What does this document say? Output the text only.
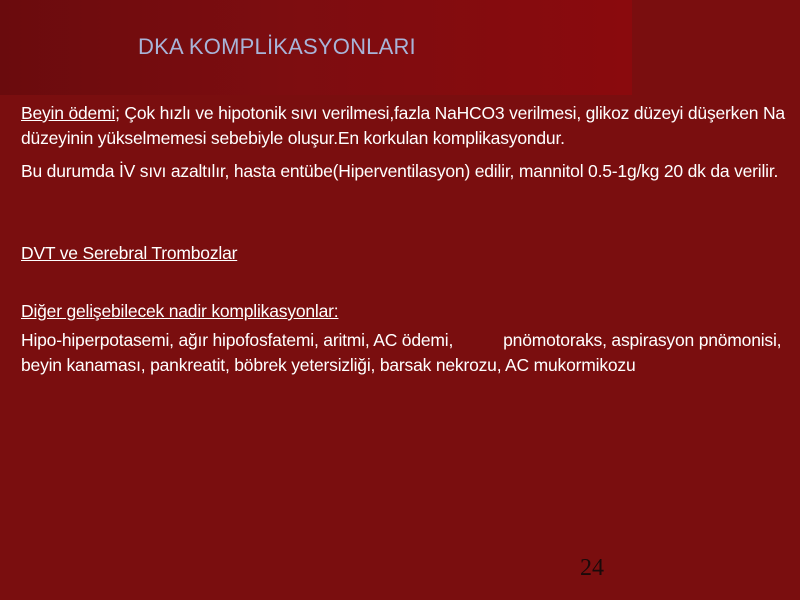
DKA KOMPLİKASYONLARI

Beyin ödemi; Çok hızlı ve hipotonik sıvı verilmesi,fazla NaHCO3 verilmesi, glikoz düzeyi düşerken Na düzeyinin yükselmemesi sebebiyle oluşur.En korkulan komplikasyondur.

Bu durumda İV sıvı azaltılır, hasta entübe(Hiperventilasyon) edilir, mannitol 0.5-1g/kg 20 dk da verilir.

DVT ve Serebral Trombozlar

Diğer gelişebilecek nadir komplikasyonlar:

Hipo-hiperpotasemi, ağır hipofosfatemi, aritmi, AC ödemi,	pnömotoraks, aspirasyon pnömonisi, beyin kanaması, pankreatit, böbrek yetersizliği, barsak nekrozu, AC mukormikozu

24
